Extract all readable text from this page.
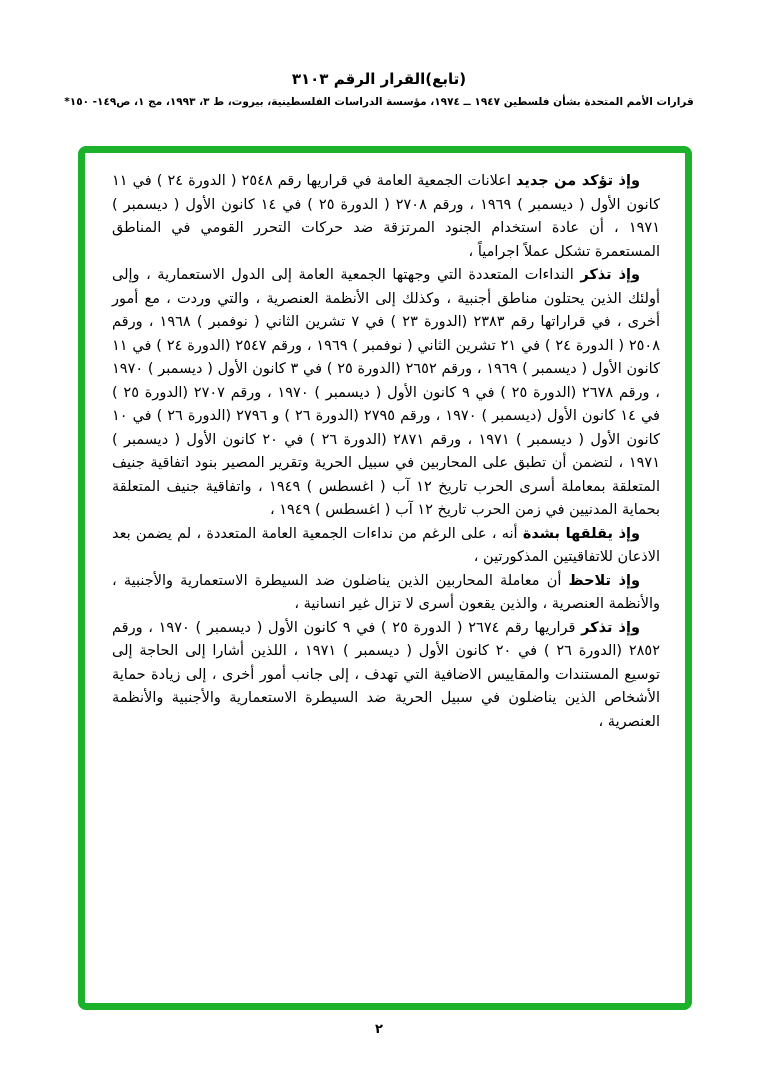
(تابع)القرار الرقم ٣١٠٣
قرارات الأمم المتحدة بشأن فلسطين ١٩٤٧ ــ ١٩٧٤، مؤسسة الدراسات الفلسطينية، بيروت، ط ٣، ١٩٩٣، مج ١، ص١٤٩- ١٥٠*

وإذ تؤكد من جديد اعلانات الجمعية العامة في قراريها رقم ٢٥٤٨ ( الدورة ٢٤ ) في ١١ كانون الأول ( ديسمبر ) ١٩٦٩ ، ورقم ٢٧٠٨ ( الدورة ٢٥ ) في ١٤ كانون الأول ( ديسمبر ) ١٩٧١ ، أن عادة استخدام الجنود المرتزقة ضد حركات التحرر القومي في المناطق المستعمرة تشكل عملاً اجرامياً ،

وإذ تذكر النداءات المتعددة التي وجهتها الجمعية العامة إلى الدول الاستعمارية ، وإلى أولئك الذين يحتلون مناطق أجنبية ، وكذلك إلى الأنظمة العنصرية ، والتي وردت ، مع أمور أخرى ، في قراراتها رقم ٢٣٨٣ (الدورة ٢٣ ) في ٧ تشرين الثاني ( نوفمبر ) ١٩٦٨ ، ورقم ٢٥٠٨ ( الدورة ٢٤ ) في ٢١ تشرين الثاني ( نوفمبر ) ١٩٦٩ ، ورقم ٢٥٤٧ (الدورة ٢٤ ) في ١١ كانون الأول ( ديسمبر ) ١٩٦٩ ، ورقم ٢٦٥٢ (الدورة ٢٥ ) في ٣ كانون الأول ( ديسمبر ) ١٩٧٠ ، ورقم ٢٦٧٨ (الدورة ٢٥ ) في ٩ كانون الأول ( ديسمبر ) ١٩٧٠ ، ورقم ٢٧٠٧ (الدورة ٢٥ ) في ١٤ كانون الأول (ديسمبر ) ١٩٧٠ ، ورقم ٢٧٩٥ (الدورة ٢٦ ) و ٢٧٩٦ (الدورة ٢٦ ) في ١٠ كانون الأول ( ديسمبر ) ١٩٧١ ، ورقم ٢٨٧١ (الدورة ٢٦ ) في ٢٠ كانون الأول ( ديسمبر ) ١٩٧١ ، لتضمن أن تطبق على المحاربين في سبيل الحرية وتقرير المصير بنود اتفاقية جنيف المتعلقة بمعاملة أسرى الحرب تاريخ ١٢ آب ( اغسطس ) ١٩٤٩ ، واتفاقية جنيف المتعلقة بحماية المدنيين في زمن الحرب تاريخ ١٢ آب ( اغسطس ) ١٩٤٩ ،

وإذ يقلقها بشدة أنه ، على الرغم من نداءات الجمعية العامة المتعددة ، لم يضمن بعد الاذعان للاتفاقيتين المذكورتين ،

وإذ تلاحظ أن معاملة المحاربين الذين يناضلون ضد السيطرة الاستعمارية والأجنبية ، والأنظمة العنصرية ، والذين يقعون أسرى لا تزال غير انسانية ،

وإذ تذكر قراريها رقم ٢٦٧٤ ( الدورة ٢٥ ) في ٩ كانون الأول ( ديسمبر ) ١٩٧٠ ، ورقم ٢٨٥٢ (الدورة ٢٦ ) في ٢٠ كانون الأول ( ديسمبر ) ١٩٧١ ، اللذين أشارا إلى الحاجة إلى توسيع المستندات والمقاييس الاضافية التي تهدف ، إلى جانب أمور أخرى ، إلى زيادة حماية الأشخاص الذين يناضلون في سبيل الحرية ضد السيطرة الاستعمارية والأجنبية والأنظمة العنصرية ،

٢
